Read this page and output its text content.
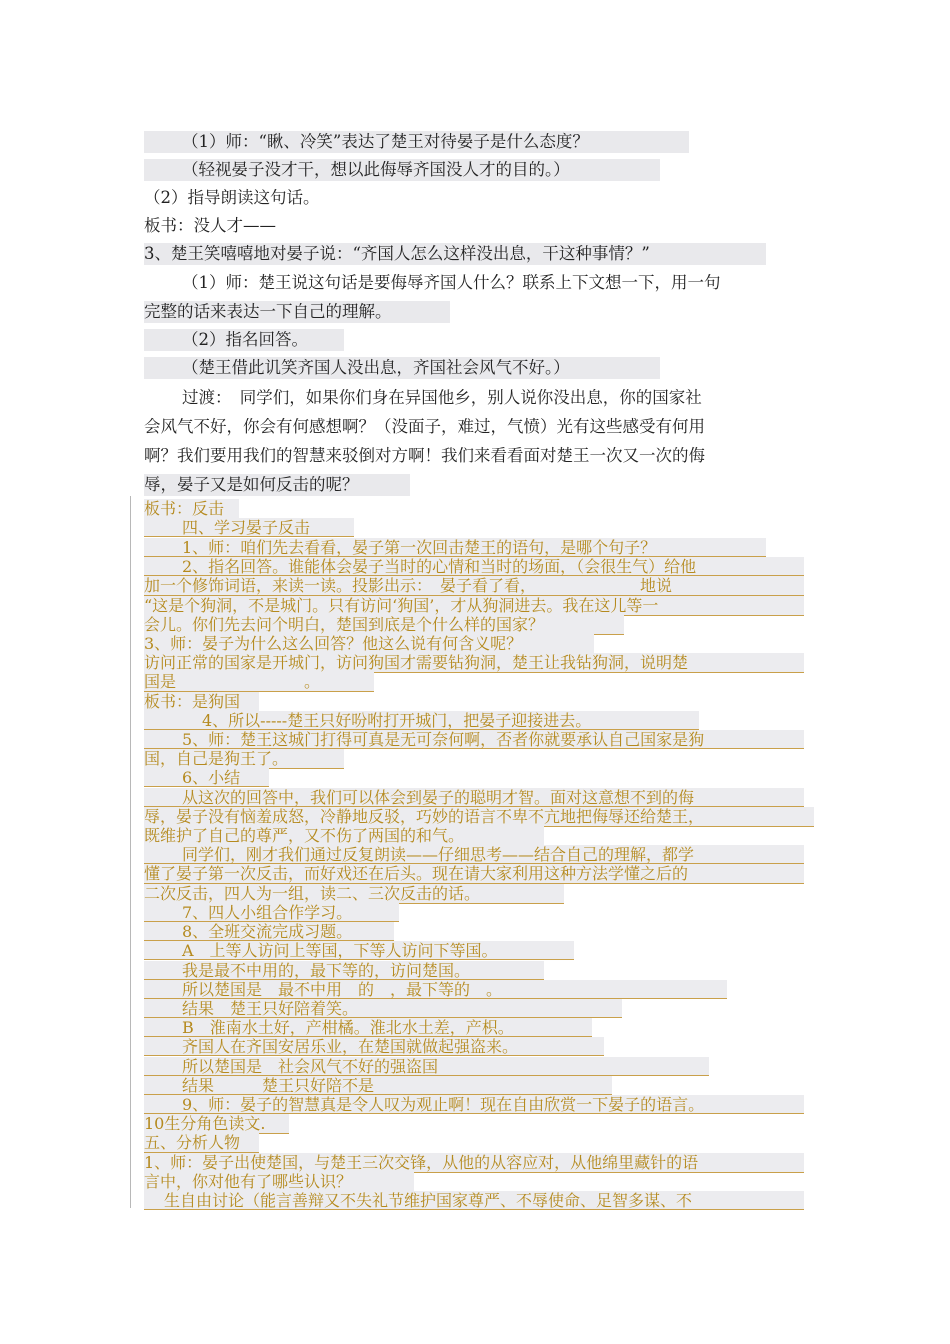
（1）师：“瞅、冷笑”表达了楚王对待晏子是什么态度？
（轻视晏子没才干，想以此侮辱齐国没人才的目的。）
（2）指导朗读这句话。
板书：没人才——
3、楚王笑嘻嘻地对晏子说：“齐国人怎么这样没出息，干这种事情？”
（1）师：楚王说这句话是要侮辱齐国人什么？联系上下文想一下，用一句
完整的话来表达一下自己的理解。
（2）指名回答。
（楚王借此讥笑齐国人没出息，齐国社会风气不好。）
过渡：　同学们，如果你们身在异国他乡，别人说你没出息，你的国家社
会风气不好，你会有何感想啊？（没面子，难过，气愤）光有这些感受有何用
啊？我们要用我们的智慧来驳倒对方啊！我们来看看面对楚王一次又一次的侮
辱，晏子又是如何反击的呢？
板书：反击
四、学习晏子反击
1、师：咱们先去看看，晏子第一次回击楚王的语句，是哪个句子？
2、指名回答。谁能体会晏子当时的心情和当时的场面，（会很生气）给他
加一个修饰词语，来读一读。投影出示：　晏子看了看，　　　　　　　地说
“这是个狗洞，不是城门。只有访问‘狗国’，才从狗洞进去。我在这儿等一
会儿。你们先去问个明白，楚国到底是个什么样的国家？
3、师：晏子为什么这么回答？他这么说有何含义呢？
访问正常的国家是开城门，访问狗国才需要钻狗洞，楚王让我钻狗洞，说明楚
国是　　　　　　　　。
板书：是狗国
4、所以-----楚王只好吩咐打开城门，把晏子迎接进去。
5、师：楚王这城门打得可真是无可奈何啊，否者你就要承认自己国家是狗
国，自己是狗王了。
6、小结
从这次的回答中，我们可以体会到晏子的聪明才智。面对这意想不到的侮
辱，晏子没有恼羞成怒，冷静地反驳，巧妙的语言不卑不亢地把侮辱还给楚王，
既维护了自己的尊严，又不伤了两国的和气。
同学们，刚才我们通过反复朗读——仔细思考——结合自己的理解，都学
懂了晏子第一次反击，而好戏还在后头。现在请大家利用这种方法学懂之后的
二次反击，四人为一组，读二、三次反击的话。
7、四人小组合作学习。
8、全班交流完成习题。
A　上等人访问上等国，下等人访问下等国。
我是最不中用的，最下等的，访问楚国。
所以楚国是　最不中用　的　，最下等的　。
结果　楚王只好陪着笑。
B　淮南水土好，产柑橘。淮北水土差，产枳。
齐国人在齐国安居乐业，在楚国就做起强盗来。
所以楚国是　社会风气不好的强盗国
结果　　　楚王只好陪不是
9、师：晏子的智慧真是令人叹为观止啊！现在自由欣赏一下晏子的语言。
10生分角色读文.
五、分析人物
1、师：晏子出使楚国，与楚王三次交锋，从他的从容应对，从他绵里藏针的语
言中，你对他有了哪些认识？
生自由讨论（能言善辩又不失礼节维护国家尊严、不辱使命、足智多谋、不
